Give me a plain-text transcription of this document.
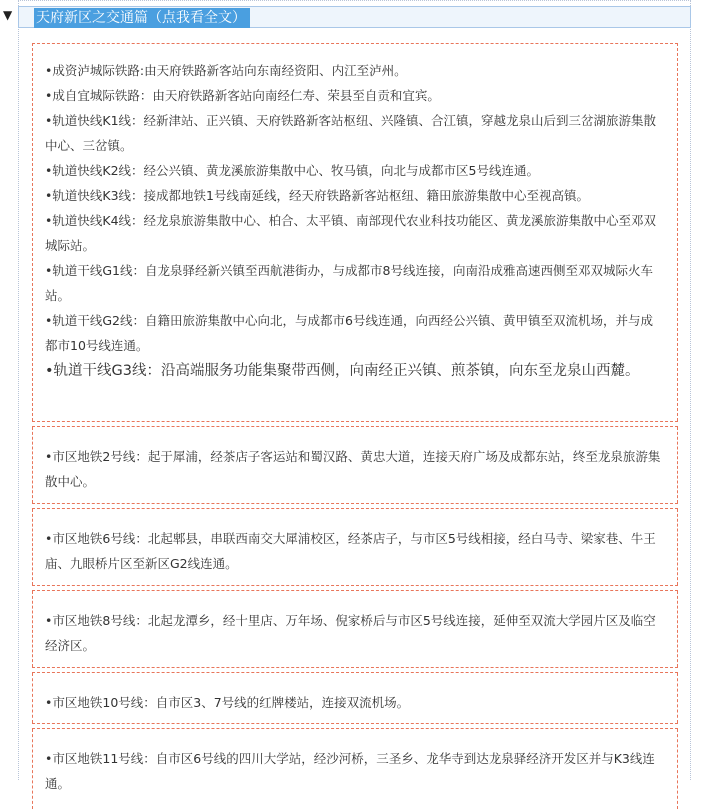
▼ 天府新区之交通篇（点我看全文）

•成资泸城际铁路:由天府铁路新客站向东南经资阳、内江至泸州。

•成自宜城际铁路：由天府铁路新客站向南经仁寿、荣县至自贡和宜宾。

•轨道快线K1线：经新津站、正兴镇、天府铁路新客站枢纽、兴隆镇、合江镇，穿越龙泉山后到三岔湖旅游集散中心、三岔镇。

•轨道快线K2线：经公兴镇、黄龙溪旅游集散中心、牧马镇，向北与成都市区5号线连通。

•轨道快线K3线：接成都地铁1号线南延线，经天府铁路新客站枢纽、籍田旅游集散中心至视高镇。

•轨道快线K4线：经龙泉旅游集散中心、柏合、太平镇、南部现代农业科技功能区、黄龙溪旅游集散中心至邓双城际站。

•轨道干线G1线：自龙泉驿经新兴镇至西航港街办，与成都市8号线连接，向南沿成雅高速西侧至邓双城际火车站。

•轨道干线G2线：自籍田旅游集散中心向北，与成都市6号线连通，向西经公兴镇、黄甲镇至双流机场，并与成都市10号线连通。

•轨道干线G3线：沿高端服务功能集聚带西侧，向南经正兴镇、煎茶镇，向东至龙泉山西麓。

•市区地铁2号线：起于犀浦，经茶店子客运站和蜀汉路、黄忠大道，连接天府广场及成都东站，终至龙泉旅游集散中心。

•市区地铁6号线：北起郫县，串联西南交大犀浦校区，经茶店子，与市区5号线相接，经白马寺、梁家巷、牛王庙、九眼桥片区至新区G2线连通。

•市区地铁8号线：北起龙潭乡，经十里店、万年场、倪家桥后与市区5号线连接，延伸至双流大学园片区及临空经济区。

•市区地铁10号线：自市区3、7号线的红牌楼站，连接双流机场。

•市区地铁11号线：自市区6号线的四川大学站，经沙河桥，三圣乡、龙华寺到达龙泉驿经济开发区并与K3线连通。
